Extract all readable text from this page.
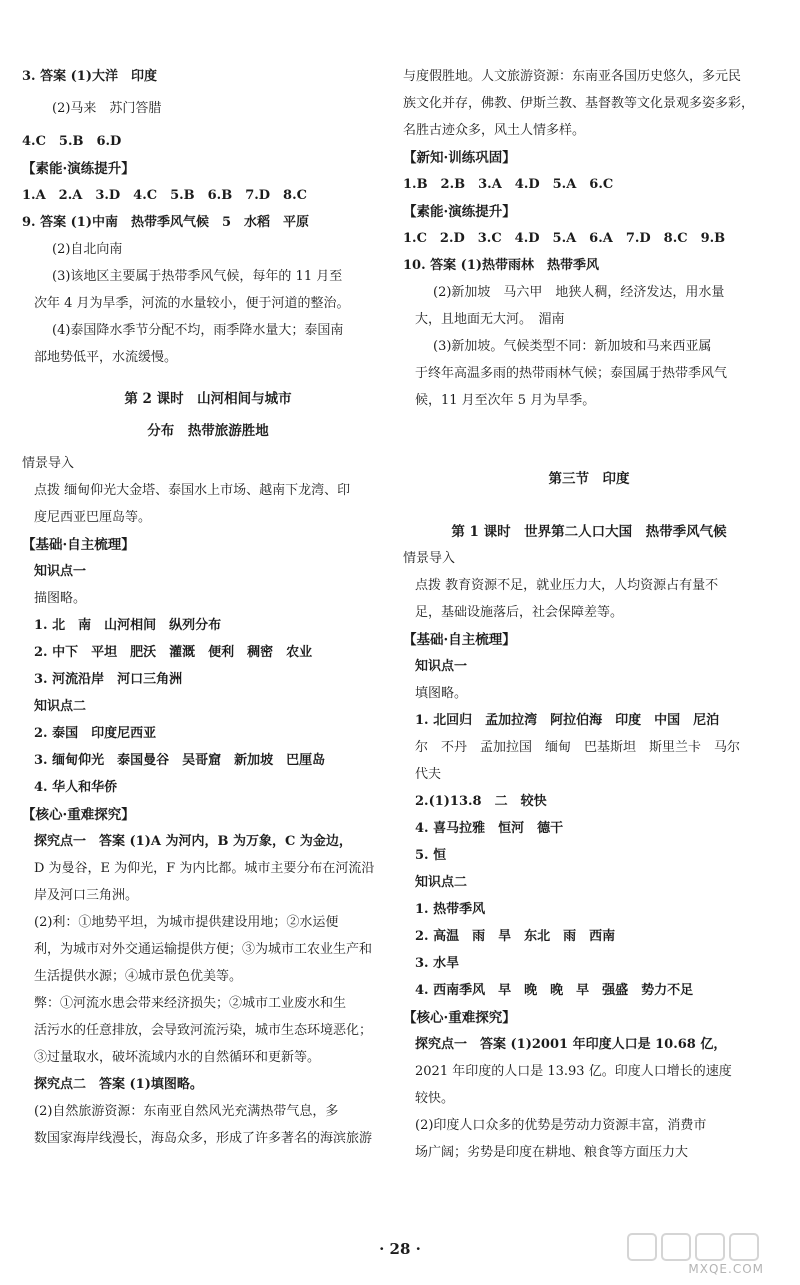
3. 答案 (1)大洋　印度
(2)马来　苏门答腊
4.C　5.B　6.D
【素能·演练提升】
1.A　2.A　3.D　4.C　5.B　6.B　7.D　8.C
9. 答案 (1)中南　热带季风气候　5　水稻　平原
(2)自北向南
(3)该地区主要属于热带季风气候，每年的 11 月至
次年 4 月为旱季，河流的水量较小，便于河道的整治。
(4)泰国降水季节分配不均，雨季降水量大；泰国南
部地势低平，水流缓慢。
第 2 课时　山河相间与城市
分布　热带旅游胜地
情景导入
点拨 缅甸仰光大金塔、泰国水上市场、越南下龙湾、印
度尼西亚巴厘岛等。
【基础·自主梳理】
知识点一
描图略。
1. 北　南　山河相间　纵列分布
2. 中下　平坦　肥沃　灌溉　便利　稠密　农业
3. 河流沿岸　河口三角洲
知识点二
2. 泰国　印度尼西亚
3. 缅甸仰光　泰国曼谷　吴哥窟　新加坡　巴厘岛
4. 华人和华侨
【核心·重难探究】
探究点一　答案 (1)A 为河内，B 为万象，C 为金边，
D 为曼谷，E 为仰光，F 为内比都。城市主要分布在河流沿
岸及河口三角洲。
(2)利：①地势平坦，为城市提供建设用地；②水运便
利，为城市对外交通运输提供方便；③为城市工农业生产和
生活提供水源；④城市景色优美等。
弊：①河流水患会带来经济损失；②城市工业废水和生
活污水的任意排放，会导致河流污染，城市生态环境恶化；
③过量取水，破坏流域内水的自然循环和更新等。
探究点二　答案 (1)填图略。
(2)自然旅游资源：东南亚自然风光充满热带气息，多
数国家海岸线漫长，海岛众多，形成了许多著名的海滨旅游
与度假胜地。人文旅游资源：东南亚各国历史悠久，多元民
族文化并存，佛教、伊斯兰教、基督教等文化景观多姿多彩，
名胜古迹众多，风土人情多样。
【新知·训练巩固】
1.B　2.B　3.A　4.D　5.A　6.C
【素能·演练提升】
1.C　2.D　3.C　4.D　5.A　6.A　7.D　8.C　9.B
10. 答案 (1)热带雨林　热带季风
(2)新加坡　马六甲　地狭人稠，经济发达，用水量
大，且地面无大河。　湄南
(3)新加坡。气候类型不同：新加坡和马来西亚属
于终年高温多雨的热带雨林气候；泰国属于热带季风气
候，11 月至次年 5 月为旱季。
第三节　印度
第 1 课时　世界第二人口大国　热带季风气候
情景导入
点拨 教育资源不足，就业压力大，人均资源占有量不
足，基础设施落后，社会保障差等。
【基础·自主梳理】
知识点一
填图略。
1. 北回归　孟加拉湾　阿拉伯海　印度　中国　尼泊
尔　不丹　孟加拉国　缅甸　巴基斯坦　斯里兰卡　马尔
代夫
2.(1)13.8　二　较快
4. 喜马拉雅　恒河　德干
5. 恒
知识点二
1. 热带季风
2. 高温　雨　旱　东北　雨　西南
3. 水旱
4. 西南季风　早　晚　晚　早　强盛　势力不足
【核心·重难探究】
探究点一　答案 (1)2001 年印度人口是 10.68 亿，
2021 年印度的人口是 13.93 亿。印度人口增长的速度
较快。
(2)印度人口众多的优势是劳动力资源丰富，消费市
场广阔；劣势是印度在耕地、粮食等方面压力大
· 28 ·
MXQE.COM
